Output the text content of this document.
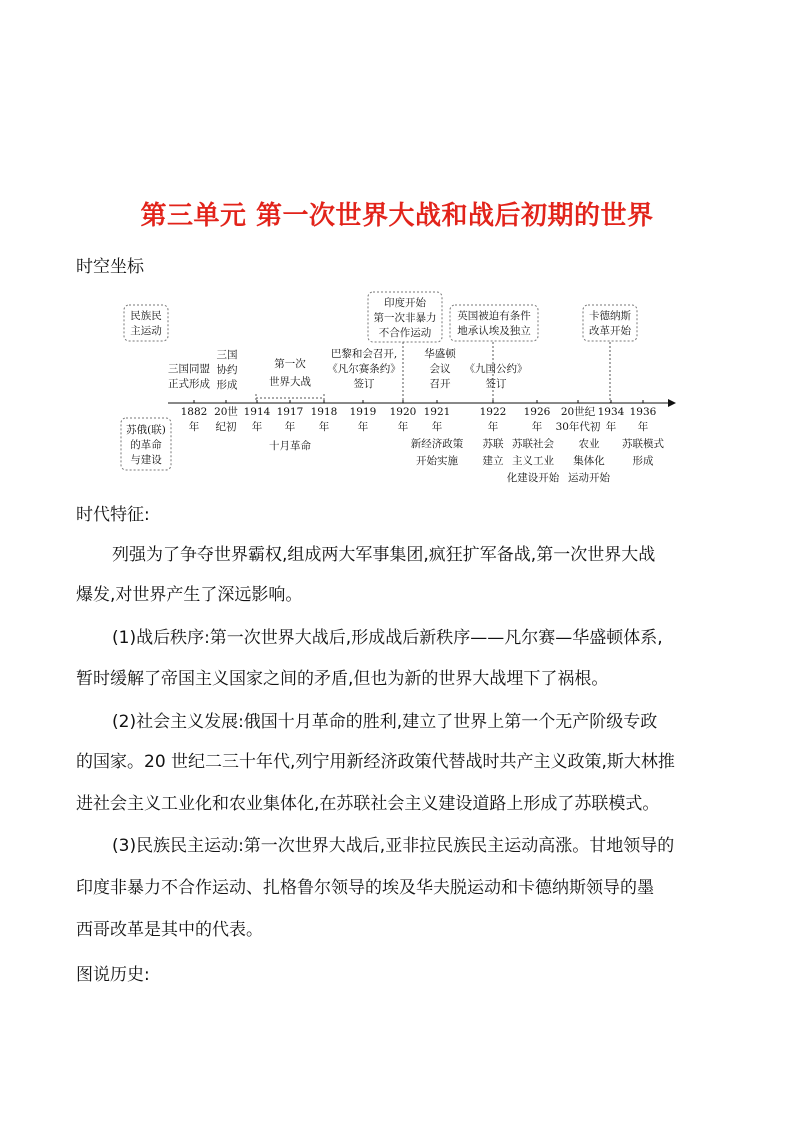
第三单元 第一次世界大战和战后初期的世界
时空坐标
民族民
主运动
苏俄(联)
的革命
与建设
印度开始
第一次非暴力
不合作运动
英国被迫有条件
地承认埃及独立
卡德纳斯
改革开始
三国同盟
正式形成
三国
协约
形成
第一次
世界大战
巴黎和会召开,
《凡尔赛条约》
签订
华盛顿
会议
召开
《九国公约》
签订
1882
年
20世
纪初
1914
年
1917
年
1918
年
1919
年
1920
年
1921
年
1922
年
1926
年
20世纪
30年代初
1934
年
1936
年
十月革命	新经济政策
开始实施
苏联
建立
苏联社会
主义工业
化建设开始
农业
集体化
运动开始
苏联模式
形成
时代特征:
列强为了争夺世界霸权,组成两大军事集团,疯狂扩军备战,第一次世界大战
爆发,对世界产生了深远影响。
(1)战后秩序:第一次世界大战后,形成战后新秩序——凡尔赛—华盛顿体系,
暂时缓解了帝国主义国家之间的矛盾,但也为新的世界大战埋下了祸根。
(2)社会主义发展:俄国十月革命的胜利,建立了世界上第一个无产阶级专政
的国家。20 世纪二三十年代,列宁用新经济政策代替战时共产主义政策,斯大林推
进社会主义工业化和农业集体化,在苏联社会主义建设道路上形成了苏联模式。
(3)民族民主运动:第一次世界大战后,亚非拉民族民主运动高涨。甘地领导的
印度非暴力不合作运动、扎格鲁尔领导的埃及华夫脱运动和卡德纳斯领导的墨
西哥改革是其中的代表。
图说历史:
